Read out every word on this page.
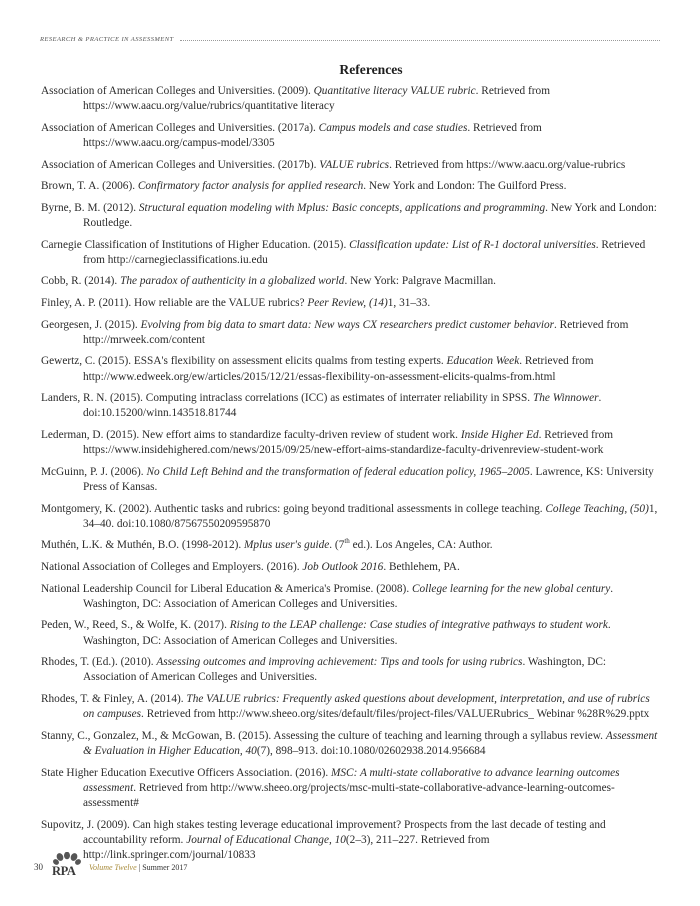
RESEARCH & PRACTICE IN ASSESSMENT
References
Association of American Colleges and Universities. (2009). Quantitative literacy VALUE rubric. Retrieved from https://www.aacu.org/value/rubrics/quantitative literacy
Association of American Colleges and Universities. (2017a). Campus models and case studies. Retrieved from https://www.aacu.org/campus-model/3305
Association of American Colleges and Universities. (2017b). VALUE rubrics. Retrieved from https://www.aacu.org/value-rubrics
Brown, T. A. (2006). Confirmatory factor analysis for applied research. New York and London: The Guilford Press.
Byrne, B. M. (2012). Structural equation modeling with Mplus: Basic concepts, applications and programming. New York and London: Routledge.
Carnegie Classification of Institutions of Higher Education. (2015). Classification update: List of R-1 doctoral universities. Retrieved from http://carnegieclassifications.iu.edu
Cobb, R. (2014). The paradox of authenticity in a globalized world. New York: Palgrave Macmillan.
Finley, A. P. (2011). How reliable are the VALUE rubrics? Peer Review, (14)1, 31–33.
Georgesen, J. (2015). Evolving from big data to smart data: New ways CX researchers predict customer behavior. Retrieved from http://mrweek.com/content
Gewertz, C. (2015). ESSA's flexibility on assessment elicits qualms from testing experts. Education Week. Retrieved from http://www.edweek.org/ew/articles/2015/12/21/essas-flexibility-on-assessment-elicits-qualms-from.html
Landers, R. N. (2015). Computing intraclass correlations (ICC) as estimates of interrater reliability in SPSS. The Winnower. doi:10.15200/winn.143518.81744
Lederman, D. (2015). New effort aims to standardize faculty-driven review of student work. Inside Higher Ed. Retrieved from https://www.insidehighered.com/news/2015/09/25/new-effort-aims-standardize-faculty-drivenreview-student-work
McGuinn, P. J. (2006). No Child Left Behind and the transformation of federal education policy, 1965–2005. Lawrence, KS: University Press of Kansas.
Montgomery, K. (2002). Authentic tasks and rubrics: going beyond traditional assessments in college teaching. College Teaching, (50)1, 34–40. doi:10.1080/87567550209595870
Muthén, L.K. & Muthén, B.O. (1998-2012). Mplus user's guide. (7th ed.). Los Angeles, CA: Author.
National Association of Colleges and Employers. (2016). Job Outlook 2016. Bethlehem, PA.
National Leadership Council for Liberal Education & America's Promise. (2008). College learning for the new global century. Washington, DC: Association of American Colleges and Universities.
Peden, W., Reed, S., & Wolfe, K. (2017). Rising to the LEAP challenge: Case studies of integrative pathways to student work. Washington, DC: Association of American Colleges and Universities.
Rhodes, T. (Ed.). (2010). Assessing outcomes and improving achievement: Tips and tools for using rubrics. Washington, DC: Association of American Colleges and Universities.
Rhodes, T. & Finley, A. (2014). The VALUE rubrics: Frequently asked questions about development, interpretation, and use of rubrics on campuses. Retrieved from http://www.sheeo.org/sites/default/files/project-files/VALUERubrics_ Webinar %28R%29.pptx
Stanny, C., Gonzalez, M., & McGowan, B. (2015). Assessing the culture of teaching and learning through a syllabus review. Assessment & Evaluation in Higher Education, 40(7), 898–913. doi:10.1080/02602938.2014.956684
State Higher Education Executive Officers Association. (2016). MSC: A multi-state collaborative to advance learning outcomes assessment. Retrieved from http://www.sheeo.org/projects/msc-multi-state-collaborative-advance-learning-outcomes-assessment#
Supovitz, J. (2009). Can high stakes testing leverage educational improvement? Prospects from the last decade of testing and accountability reform. Journal of Educational Change, 10(2–3), 211–227. Retrieved from http://link.springer.com/journal/10833
30 RPA Volume Twelve | Summer 2017
